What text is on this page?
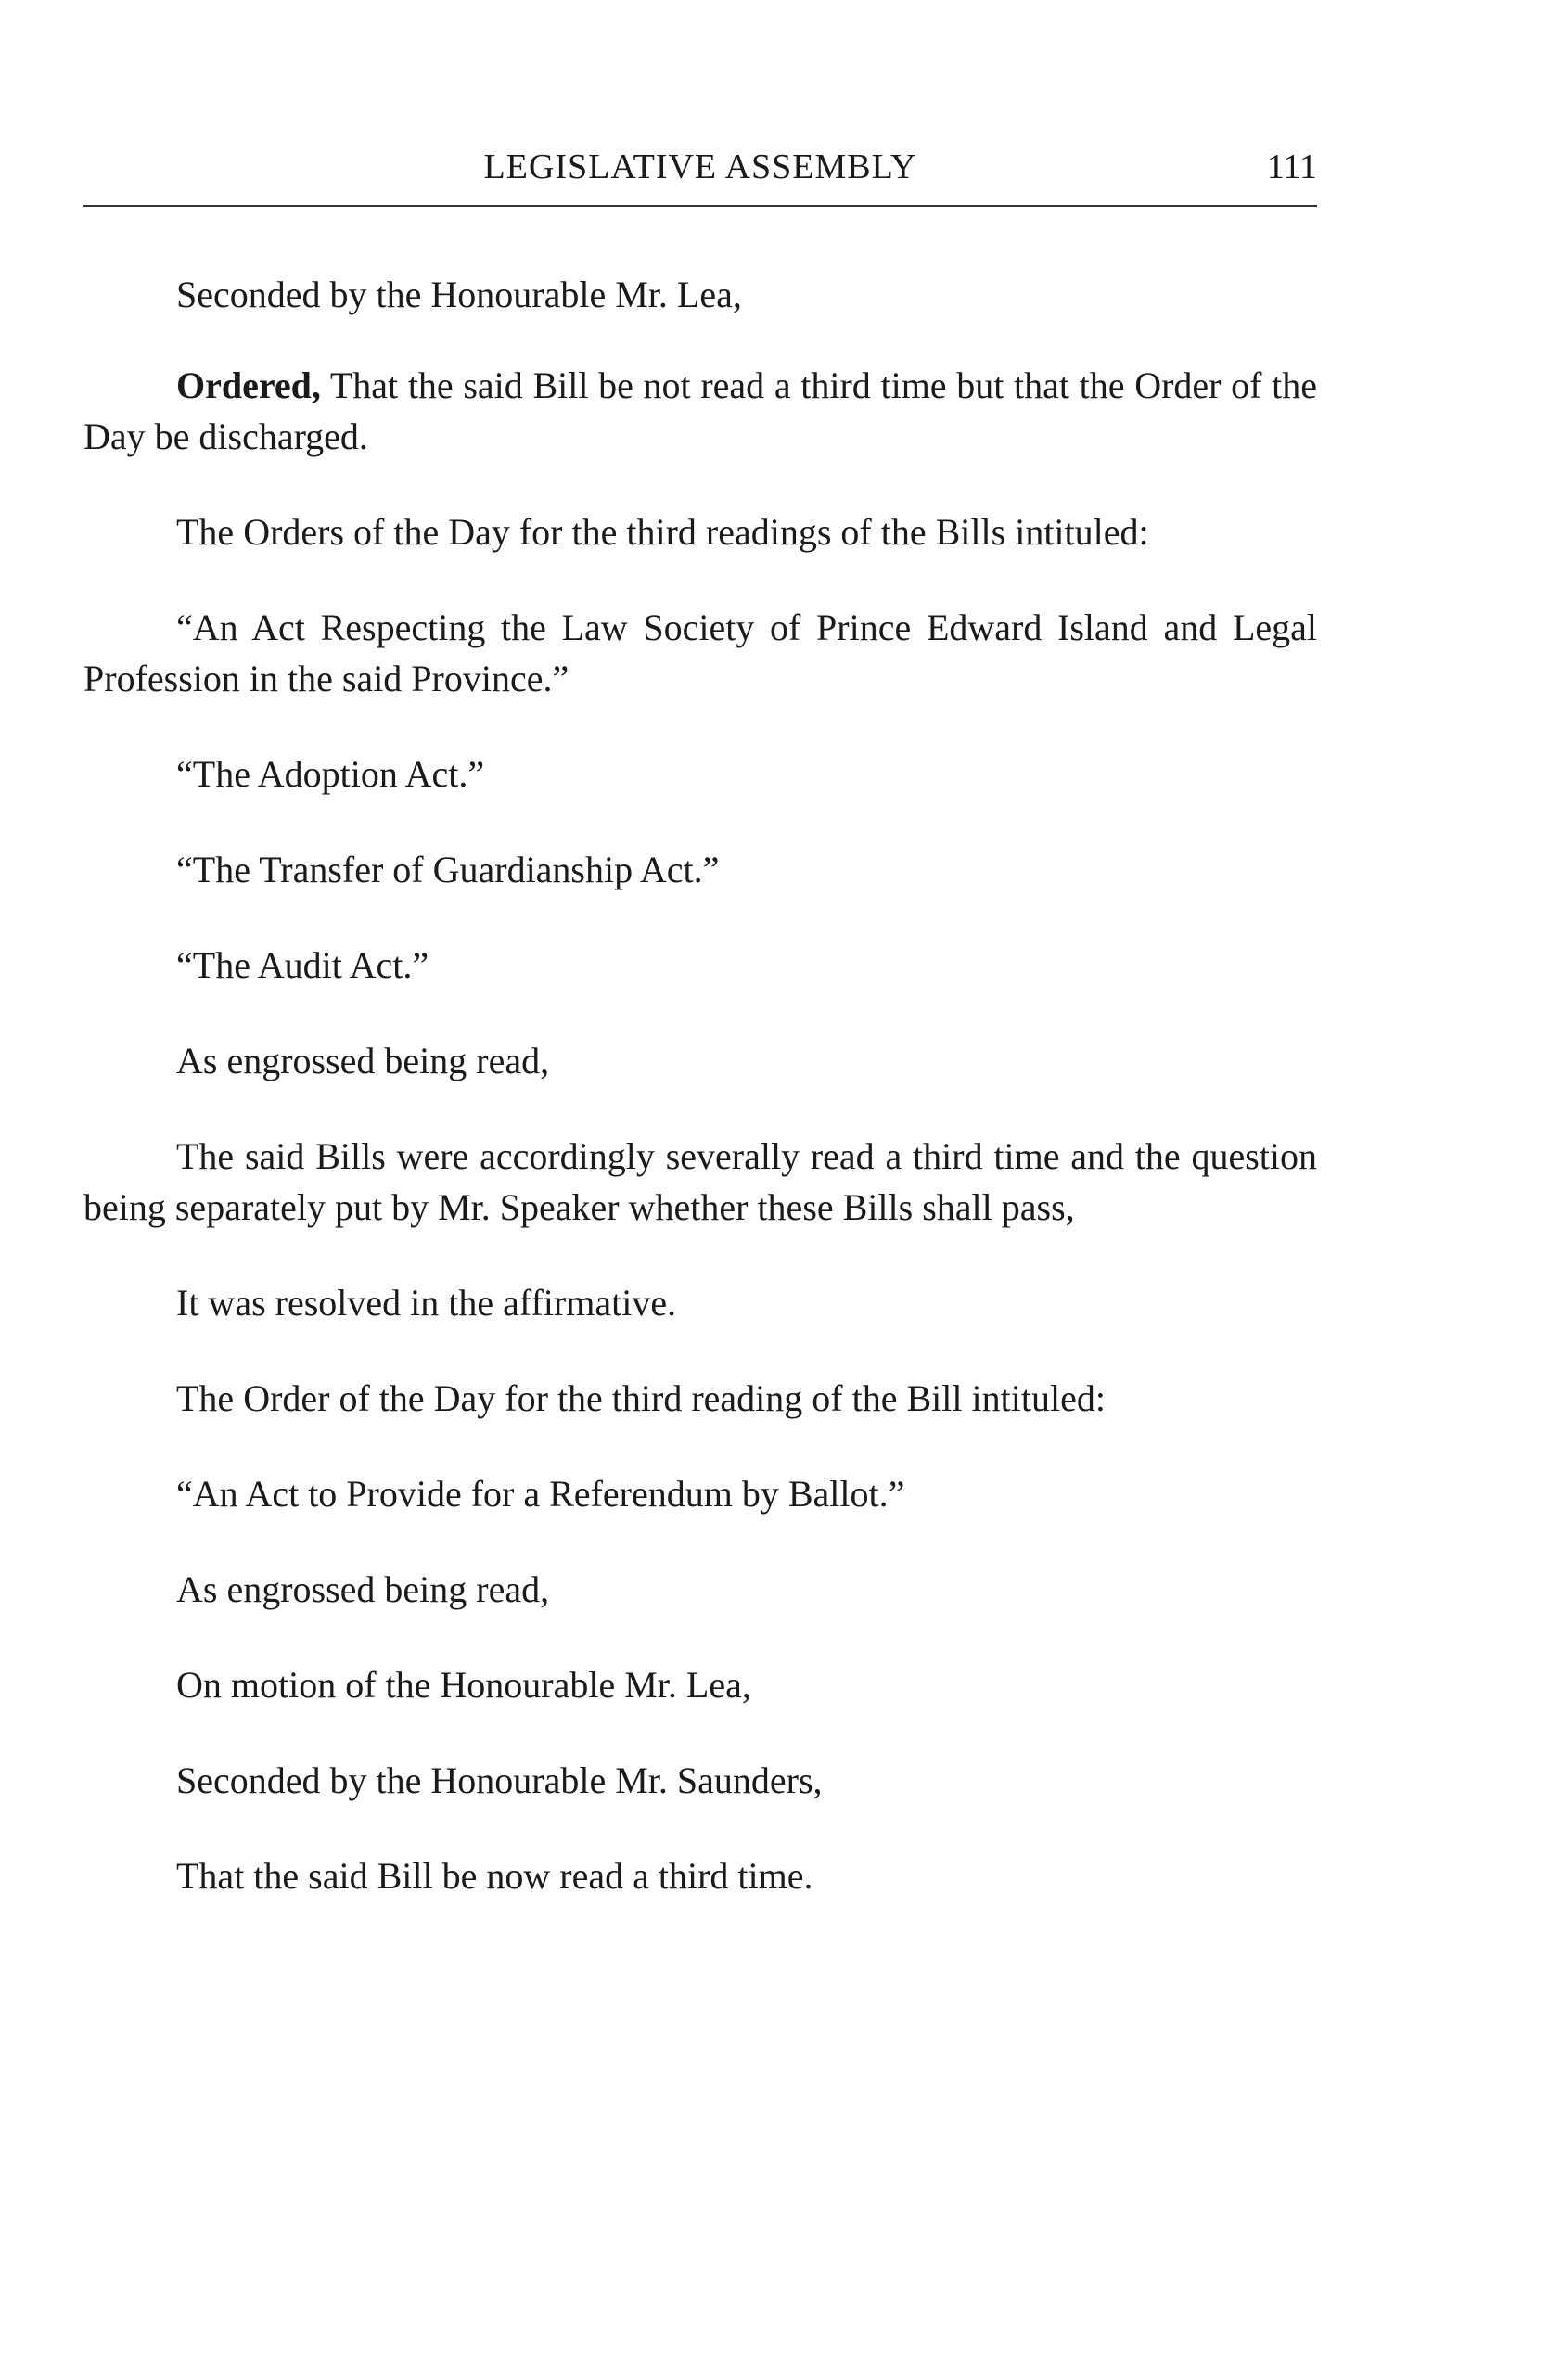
LEGISLATIVE ASSEMBLY	111

Seconded by the Honourable Mr. Lea,

Ordered, That the said Bill be not read a third time but that the Order of the Day be discharged.

The Orders of the Day for the third readings of the Bills intituled:

“An Act Respecting the Law Society of Prince Edward Island and Legal Profession in the said Province.”

“The Adoption Act.”

“The Transfer of Guardianship Act.”

“The Audit Act.”

As engrossed being read,

The said Bills were accordingly severally read a third time and the question being separately put by Mr. Speaker whether these Bills shall pass,

It was resolved in the affirmative.

The Order of the Day for the third reading of the Bill intituled:

“An Act to Provide for a Referendum by Ballot.”

As engrossed being read,

On motion of the Honourable Mr. Lea,

Seconded by the Honourable Mr. Saunders,

That the said Bill be now read a third time.
